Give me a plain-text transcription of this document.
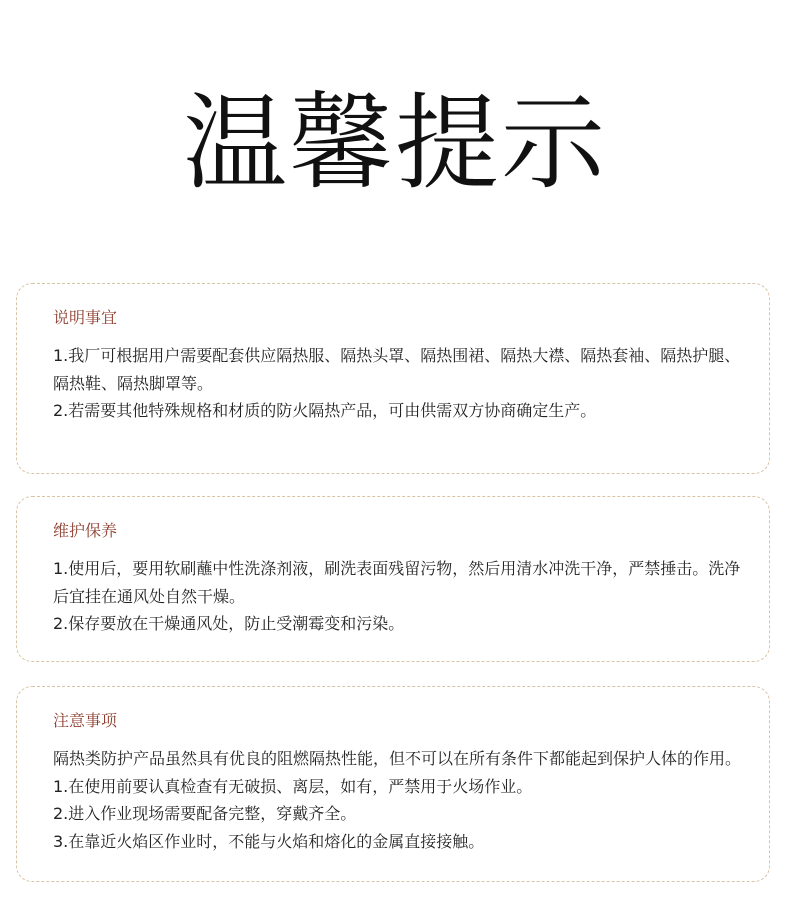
温馨提示
说明事宜

1.我厂可根据用户需要配套供应隔热服、隔热头罩、隔热围裙、隔热大襟、隔热套袖、隔热护腿、隔热鞋、隔热脚罩等。

2.若需要其他特殊规格和材质的防火隔热产品，可由供需双方协商确定生产。

维护保养

1.使用后，要用软刷蘸中性洗涤剂液，刷洗表面残留污物，然后用清水冲洗干净，严禁捶击。洗净后宜挂在通风处自然干燥。

2.保存要放在干燥通风处，防止受潮霉变和污染。

注意事项

隔热类防护产品虽然具有优良的阻燃隔热性能，但不可以在所有条件下都能起到保护人体的作用。

1.在使用前要认真检查有无破损、离层，如有，严禁用于火场作业。

2.进入作业现场需要配备完整，穿戴齐全。

3.在靠近火焰区作业时，不能与火焰和熔化的金属直接接触。
